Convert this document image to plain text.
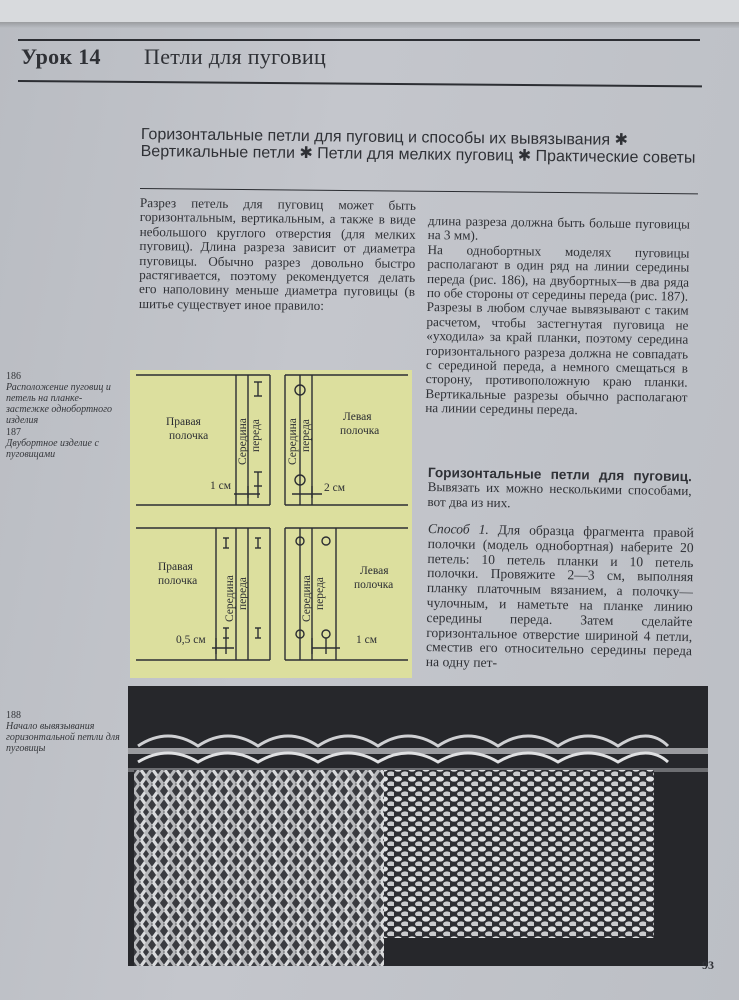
Урок 14 Петли для пуговиц
Горизонтальные петли для пуговиц и способы их вывязывания ✱ Вертикальные петли ✱ Петли для мелких пуговиц ✱ Практические советы

Разрез петель для пуговиц может быть горизонтальным, вертикальным, а также в виде небольшого круглого отверстия (для мелких пуговиц). Длина разреза зависит от диаметра пуговицы. Обычно разрез довольно быстро растягивается, поэтому рекомендуется делать его наполовину меньше диаметра пуговицы (в шитье существует иное правило:

длина разреза должна быть больше пуговицы на 3 мм).

На однобортных моделях пуговицы располагают в один ряд на линии середины переда (рис. 186), на двубортных—в два ряда по обе стороны от середины переда (рис. 187).

Разрезы в любом случае вывязывают с таким расчетом, чтобы застегнутая пуговица не «уходила» за край планки, поэтому середина горизонтального разреза должна не совпадать с серединой переда, а немного смещаться в сторону, противоположную краю планки. Вертикальные разрезы обычно располагают на линии середины переда.

Горизонтальные петли для пуговиц. Вывязать их можно несколькими способами, вот два из них.

Способ 1. Для образца фрагмента правой полочки (модель однобортная) наберите 20 петель: 10 петель планки и 10 петель полочки. Провяжите 2—3 см, выполняя планку платочным вязанием, а полочку—чулочным, и наметьте на планке линию середины переда. Затем сделайте горизонтальное отверстие шириной 4 петли, сместив его относительно середины переда на одну пет-

186
Расположение пуговиц и петель на планке-застежке однобортного изделия
187
Двубортное изделие с пуговицами
188
Начало вывязывания горизонтальной петли для пуговицы
Правая полочка
Левая полочка
Правая полочка
Левая полочка
Середина переда Середина переда
Середина переда	Середина переда
1 см	2 см
0,5 см	1 см
93
